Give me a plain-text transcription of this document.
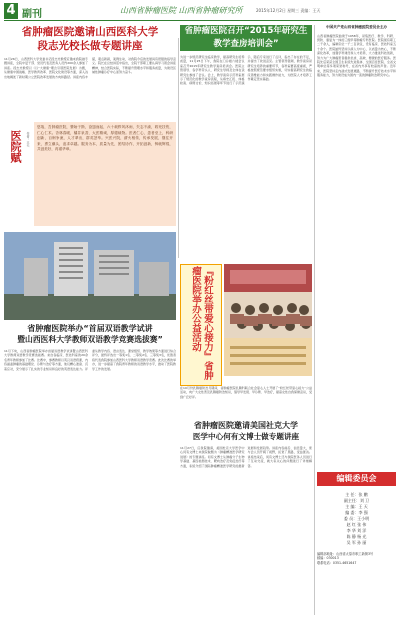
4 副刊	山西省肿瘤医院 山西省肿瘤研究所	2015年12月2日 星期三 责编：王天
省肿瘤医院邀请山西医科大学
段志光校长做专题讲座
11月26日，山西医科大学党委书记段志光教授应邀来我院做专题讲座，全院中层干部、党员代表及医务人员约200余人参加了讲座。段志光教授以《以“大健康”理念引领医院发展》为题，从健康中国战略、医学教育改革、医院文化建设等方面，深入浅出地阐述了新时期公立医院改革发展的方向和路径。讲座内容丰富，观点新颖，案例生动，对我院今后的发展具有很强的指导意义。院长在总结讲话中指出，全院干部职工要认真学习领会讲座精神，结合医院实际，不断提升管理水平和服务质量，为建设区域性肿瘤诊疗中心而努力奋斗。
省肿瘤医院召开“2015年研究生
教学查房培训会”
为进一步规范研究生临床教学，提高研究生培养质量，11月25日下午，我院在门诊楼六楼会议室召开2015年研究生教学查房培训会。医院主管领导、各学科带头人、研究生导师及全体在读研究生参加了会议。会上，教学查房示范科室展示了规范化的教学查房流程，从病史汇报、体格检查、病例讨论、知识拓展等环节进行了示范演示，随后专家进行了点评，指出了存在的不足，并提出了改进意见。主管领导强调，教学查房是研究生培养的重要环节，各科室要高度重视，严格按照规范要求组织实施，切实提高研究生的临床思维能力和实践操作能力，为医院人才培养工作奠定坚实基础。
医院赋 作者：王天
悠哉，吾肿瘤医院，肇始于斯，奋翅而起，六十载栉风沐雨，矢志不渝，救死扶伤，仁心仁术。杏林春暖，橘井泉香，大医精诚，厚德载物。医者仁心，患者至上，科研创新，百舸争流，人才辈出，群英荟萃。兴医兴院，薪火相传，传承发展，继往开来，勇立潮头，追求卓越。服务为本，质量为先，团结协作，开拓创新，铸就辉煌，共创美好，再谱华章。
省肿瘤医院举办“首届双语教学试讲
暨山西医科大学教师双语教学竞赛选拔赛”
11月下旬，山西省肿瘤医院举办首届双语教学试讲暨山西医科大学教师双语教学竞赛选拔赛。来自各临床、医技科室的20余名青年教师参加了比赛。比赛中，参赛教师以英汉双语授课，内容涵盖肿瘤的基础理论、诊断与治疗等方面，他们精心准备、沉着应对，充分展示了扎实的专业知识和良好的英语表达能力。评委从教学内容、语言表达、课堂组织、教学效果等方面进行综合评分，最终评选出一等奖1名、二等奖2名、三等奖3名，优胜者将代表我院参加山西医科大学教师双语教学竞赛。此次比赛的举办，进一步提高了我院青年教师的双语教学水平，推动了医院教学工作的发展。	『粉红丝带爱心接力』省肿瘤医院举办公益活动
在10月份乳腺癌防治月期间，省肿瘤医院乳腺科联合社会爱心人士开展了“粉红丝带爱心接力”公益活动，向广大女性普及乳腺癌防治知识，倡导早发现、早诊断、早治疗，提高女性自我保健意识，受到广泛好评。
省肿瘤医院邀请美国社克大学
医学中心何有文博士做专题讲座
11月27日，应我院邀请，美国杜克大学医学中心何有文博士来我院做题为《肿瘤精准医学研究进展》的专题讲座。何有文博士从肿瘤分子生物学基础、基因检测技术、靶向治疗及免疫治疗等方面，系统介绍了国际肿瘤精准医学研究的最新进展和发展趋势。讲座内容前沿、信息量大，使与会人员开阔了视野，拓宽了思路，受益匪浅。讲座结束后，何有文博士还与我院医务人员进行了互动交流，就大家关心的问题进行了详细解答。
中国共产党山西省肿瘤医院委员会主办
山西省肿瘤医院始建于1958年，是集医疗、教学、科研、预防、康复为一体的三级甲等肿瘤专科医院。医院现有职工二千余人，编制床位一千二百余张，设有临床、医技科室五十余个。医院始终坚持以病人为中心，以质量为核心，不断深化改革，加强学科建设和人才培养，大力推进科技创新，努力为广大肿瘤患者提供优质、高效、便捷的医疗服务。医院先后荣获全国卫生系统先进集体、全国百佳医院、全省文明单位等多项荣誉称号，在省内外享有较高的声誉。近年来，医院坚持走内涵式发展道路，不断提升医疗技术水平和服务能力，努力建设成为国内一流的肿瘤防治研究中心。
编辑委员会
主 任：张 鹏
副主任：刘 卫
主 编：王 天
编 委：李 强
委 员：王小明
赵 红 张 伟
李 华 刘 洋
陈 静 杨 光
吴 军 孙 丽
编辑部地址：山西省太原市职工新街3号
邮编：030013
联系电话：0351-4651647
